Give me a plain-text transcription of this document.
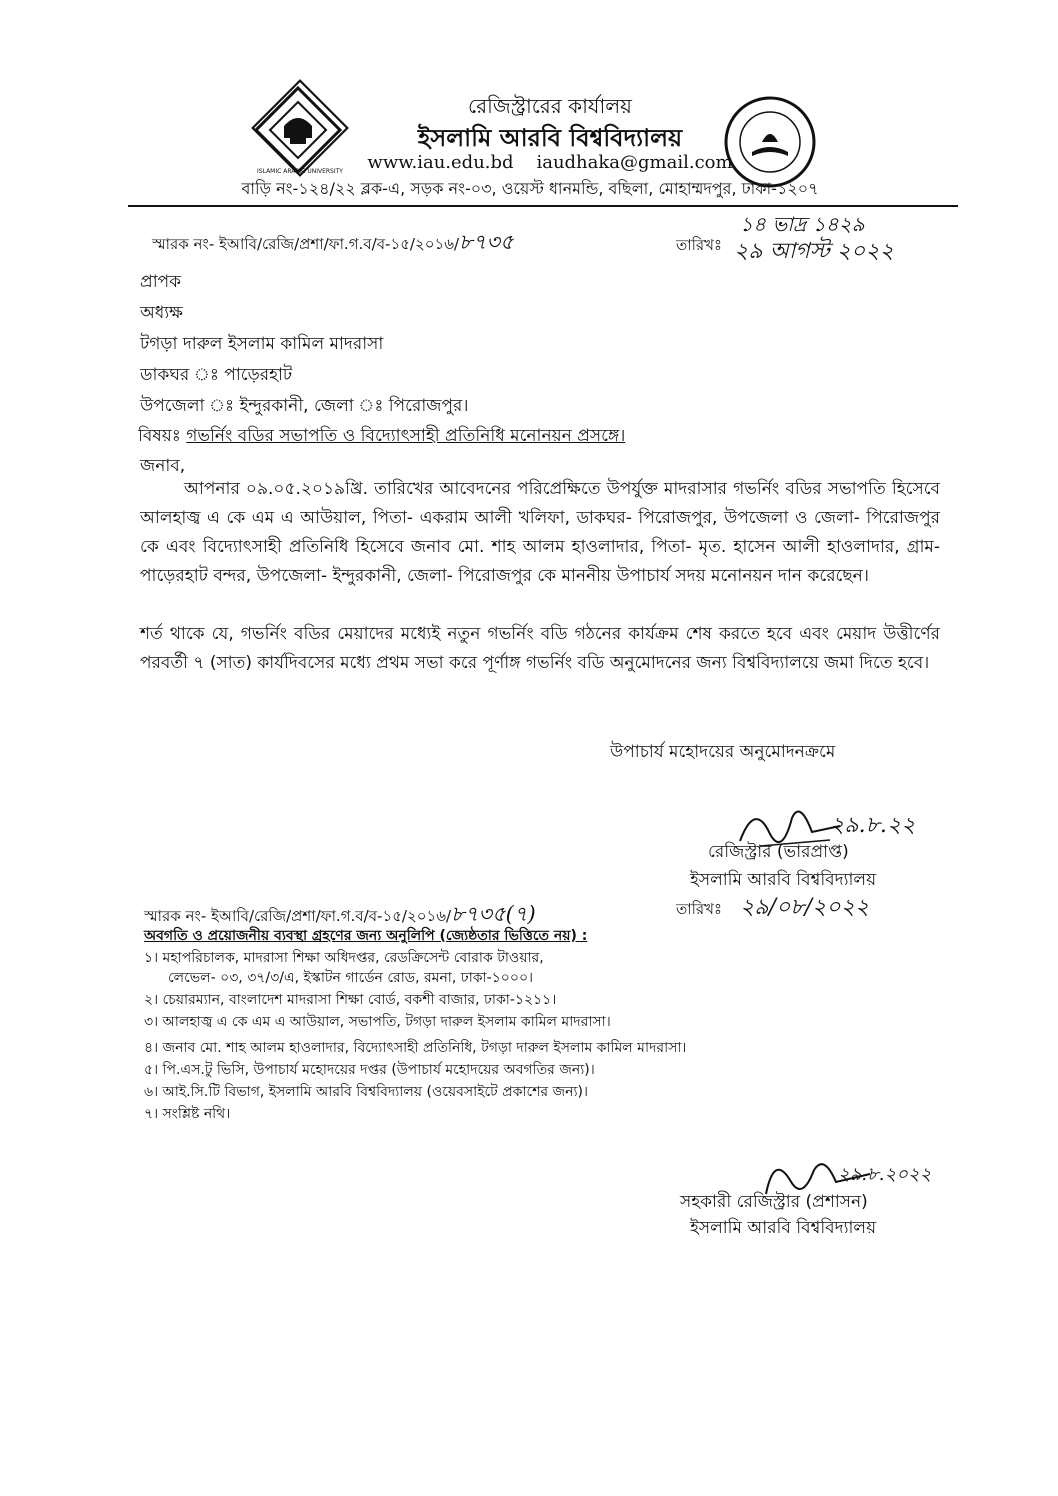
ISLAMIC ARABIC UNIVERSITY
রেজিস্ট্রারের কার্যালয়
ইসলামি আরবি বিশ্ববিদ্যালয়
www.iau.edu.bd iaudhaka@gmail.com
বাড়ি নং-১২৪/২২ ব্লক-এ, সড়ক নং-০৩, ওয়েস্ট ধানমন্ডি, বছিলা, মোহাম্মদপুর, ঢাকা-১২০৭
স্মারক নং- ইআবি/রেজি/প্রশা/ফা.গ.ব/ব-১৫/২০১৬/৮৭৩৫	তারিখঃ
১৪ ভাদ্র ১৪২৯
২৯ আগস্ট ২০২২
প্রাপক
অধ্যক্ষ
টগড়া দারুল ইসলাম কামিল মাদরাসা
ডাকঘর ঃ পাড়েরহাট
উপজেলা ঃ ইন্দুরকানী, জেলা ঃ পিরোজপুর।
বিষয়ঃ গভর্নিং বডির সভাপতি ও বিদ্যোৎসাহী প্রতিনিধি মনোনয়ন প্রসঙ্গে।
জনাব,
আপনার ০৯.০৫.২০১৯খ্রি. তারিখের আবেদনের পরিপ্রেক্ষিতে উপর্যুক্ত মাদরাসার গভর্নিং বডির সভাপতি হিসেবে আলহাজ্ব এ কে এম এ আউয়াল, পিতা- একরাম আলী খলিফা, ডাকঘর- পিরোজপুর, উপজেলা ও জেলা- পিরোজপুর কে এবং বিদ্যোৎসাহী প্রতিনিধি হিসেবে জনাব মো. শাহ আলম হাওলাদার, পিতা- মৃত. হাসেন আলী হাওলাদার, গ্রাম- পাড়েরহাট বন্দর, উপজেলা- ইন্দুরকানী, জেলা- পিরোজপুর কে মাননীয় উপাচার্য সদয় মনোনয়ন দান করেছেন।
শর্ত থাকে যে, গভর্নিং বডির মেয়াদের মধ্যেই নতুন গভর্নিং বডি গঠনের কার্যক্রম শেষ করতে হবে এবং মেয়াদ উত্তীর্ণের পরবর্তী ৭ (সাত) কার্যদিবসের মধ্যে প্রথম সভা করে পূর্ণাঙ্গ গভর্নিং বডি অনুমোদনের জন্য বিশ্ববিদ্যালয়ে জমা দিতে হবে।
উপাচার্য মহোদয়ের অনুমোদনক্রমে
২৯.৮.২২
রেজিস্ট্রার (ভারপ্রাপ্ত)
ইসলামি আরবি বিশ্ববিদ্যালয়
স্মারক নং- ইআবি/রেজি/প্রশা/ফা.গ.ব/ব-১৫/২০১৬/৮৭৩৫(৭)	তারিখঃ ২৯/০৮/২০২২
অবগতি ও প্রয়োজনীয় ব্যবস্থা গ্রহণের জন্য অনুলিপি (জ্যেষ্ঠতার ভিত্তিতে নয়) :
১। মহাপরিচালক, মাদরাসা শিক্ষা অধিদপ্তর, রেডক্রিসেন্ট বোরাক টাওয়ার,
লেভেল- ০৩, ৩৭/৩/এ, ইস্কাটন গার্ডেন রোড, রমনা, ঢাকা-১০০০।
২। চেয়ারম্যান, বাংলাদেশ মাদরাসা শিক্ষা বোর্ড, বকশী বাজার, ঢাকা-১২১১।
৩। আলহাজ্ব এ কে এম এ আউয়াল, সভাপতি, টগড়া দারুল ইসলাম কামিল মাদরাসা।
৪। জনাব মো. শাহ আলম হাওলাদার, বিদ্যোৎসাহী প্রতিনিধি, টগড়া দারুল ইসলাম কামিল মাদরাসা।
৫। পি.এস.টু ভিসি, উপাচার্য মহোদয়ের দপ্তর (উপাচার্য মহোদয়ের অবগতির জন্য)।
৬। আই.সি.টি বিভাগ, ইসলামি আরবি বিশ্ববিদ্যালয় (ওয়েবসাইটে প্রকাশের জন্য)।
৭। সংশ্লিষ্ট নথি।
২৯.৮.২০২২
সহকারী রেজিস্ট্রার (প্রশাসন)
ইসলামি আরবি বিশ্ববিদ্যালয়
